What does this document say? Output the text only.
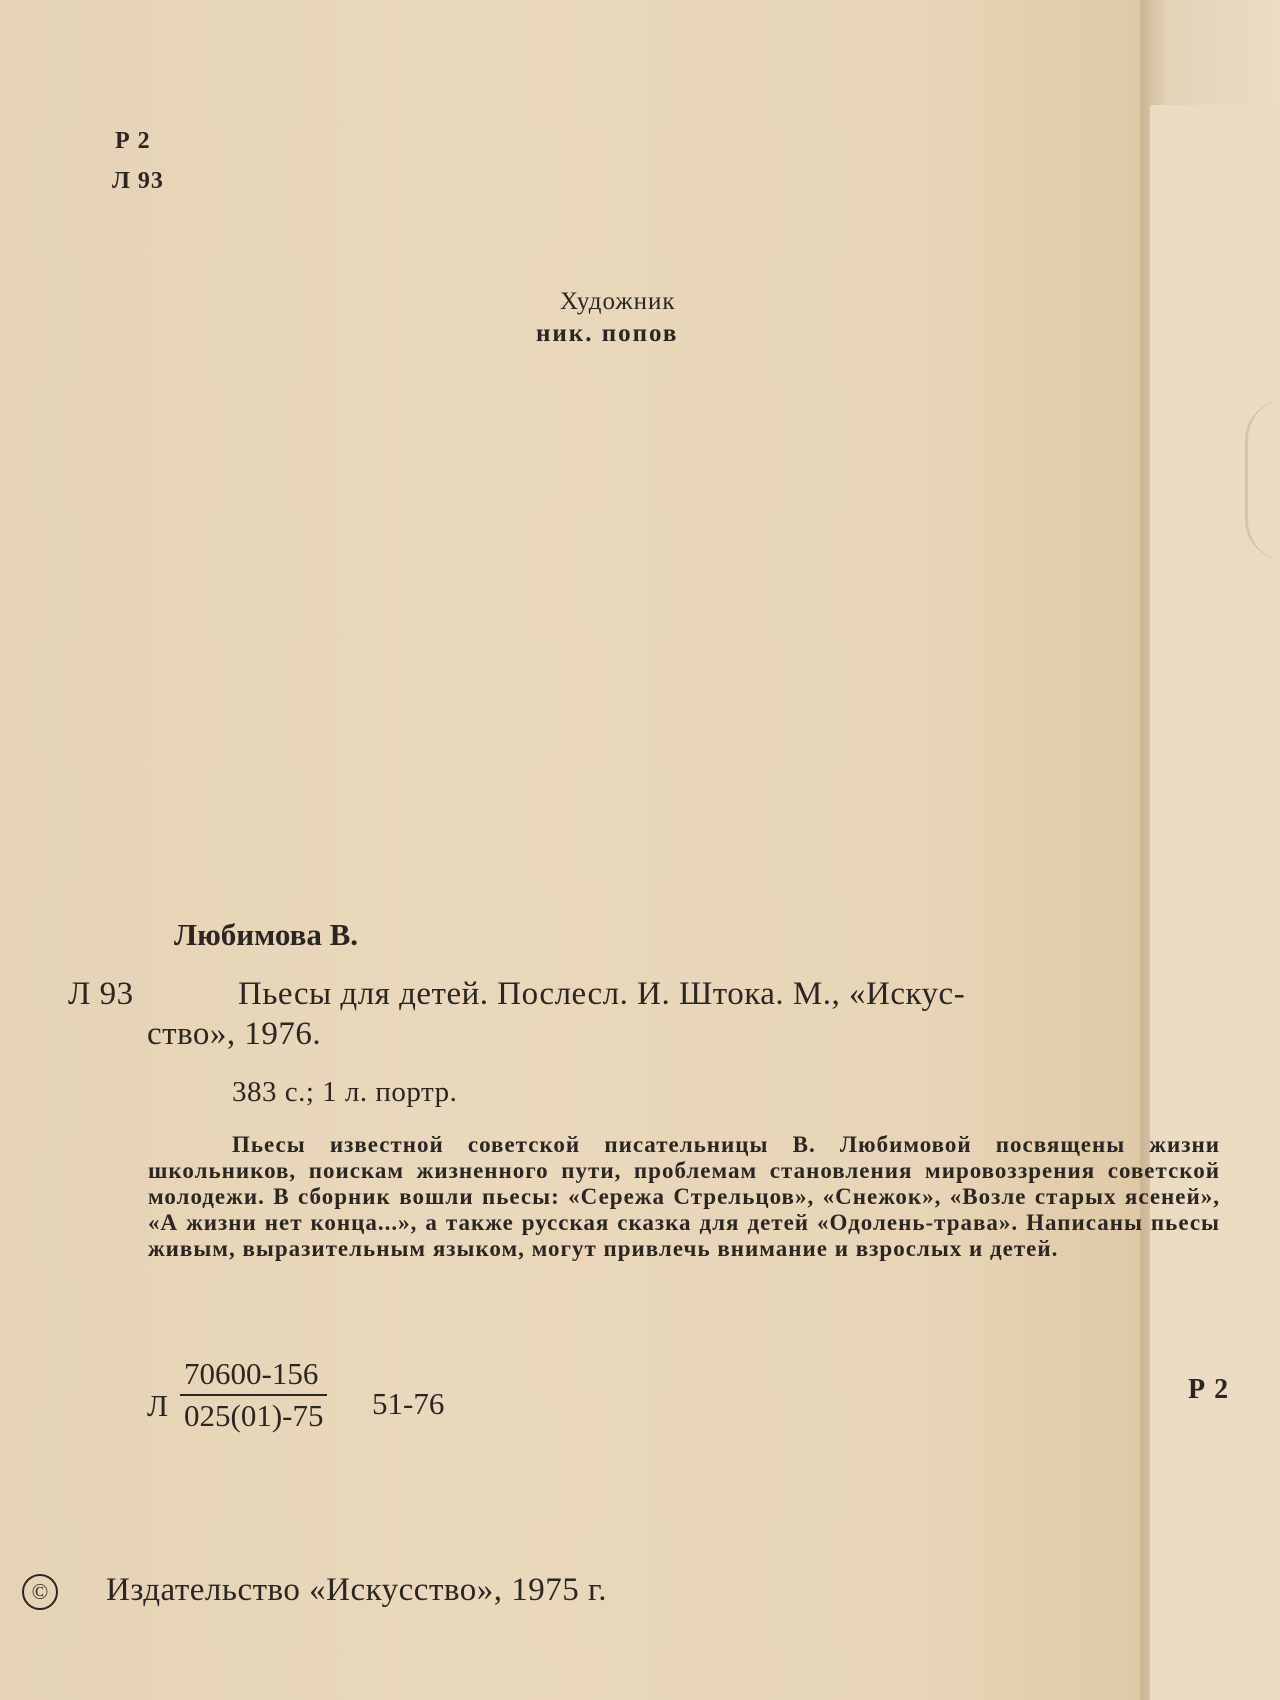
Р 2
Л 93
Художник
ник. попов
Любимова В.
Л 93	Пьесы для детей. Послесл. И. Штока. М., «Искус-
ство», 1976.
383 с.; 1 л. портр.
Пьесы известной советской писательницы В. Любимовой посвящены жизни школьников, поискам жизненного пути, проблемам становления мировоззрения советской молодежи. В сборник вошли пьесы: «Сережа Стрельцов», «Снежок», «Возле старых ясеней», «А жизни нет конца...», а также русская сказка для детей «Одолень-трава». Написаны пьесы живым, выразительным языком, могут привлечь внимание и взрослых и детей.
Л $\frac{70600-156}{025(01)-75} 51-76$	Р 2
© Издательство «Искусство», 1975 г.
